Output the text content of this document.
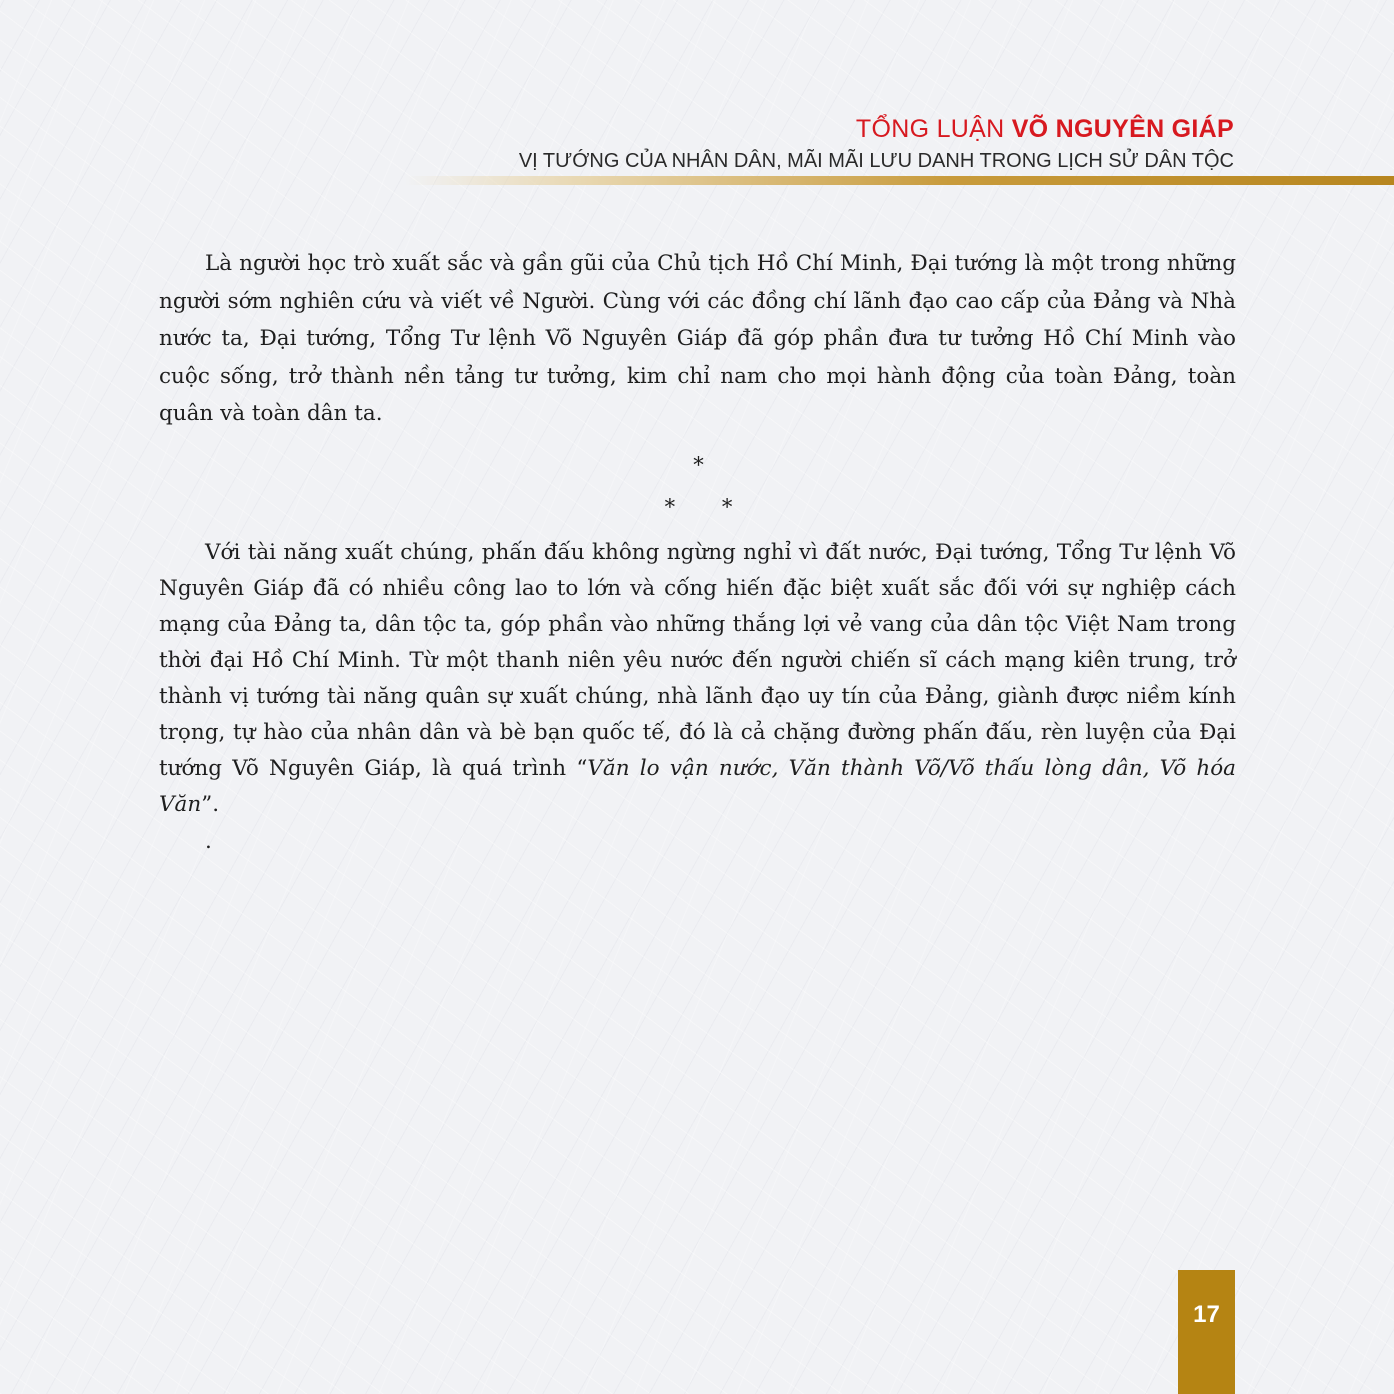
TỔNG LUẬN VÕ NGUYÊN GIÁP
VỊ TƯỚNG CỦA NHÂN DÂN, MÃI MÃI LƯU DANH TRONG LỊCH SỬ DÂN TỘC

Là người học trò xuất sắc và gần gũi của Chủ tịch Hồ Chí Minh, Đại tướng là một trong những người sớm nghiên cứu và viết về Người. Cùng với các đồng chí lãnh đạo cao cấp của Đảng và Nhà nước ta, Đại tướng, Tổng Tư lệnh Võ Nguyên Giáp đã góp phần đưa tư tưởng Hồ Chí Minh vào cuộc sống, trở thành nền tảng tư tưởng, kim chỉ nam cho mọi hành động của toàn Đảng, toàn quân và toàn dân ta.

*
* *

Với tài năng xuất chúng, phấn đấu không ngừng nghỉ vì đất nước, Đại tướng, Tổng Tư lệnh Võ Nguyên Giáp đã có nhiều công lao to lớn và cống hiến đặc biệt xuất sắc đối với sự nghiệp cách mạng của Đảng ta, dân tộc ta, góp phần vào những thắng lợi vẻ vang của dân tộc Việt Nam trong thời đại Hồ Chí Minh. Từ một thanh niên yêu nước đến người chiến sĩ cách mạng kiên trung, trở thành vị tướng tài năng quân sự xuất chúng, nhà lãnh đạo uy tín của Đảng, giành được niềm kính trọng, tự hào của nhân dân và bè bạn quốc tế, đó là cả chặng đường phấn đấu, rèn luyện của Đại tướng Võ Nguyên Giáp, là quá trình “Văn lo vận nước, Văn thành Võ/Võ thấu lòng dân, Võ hóa Văn”.

.

17
